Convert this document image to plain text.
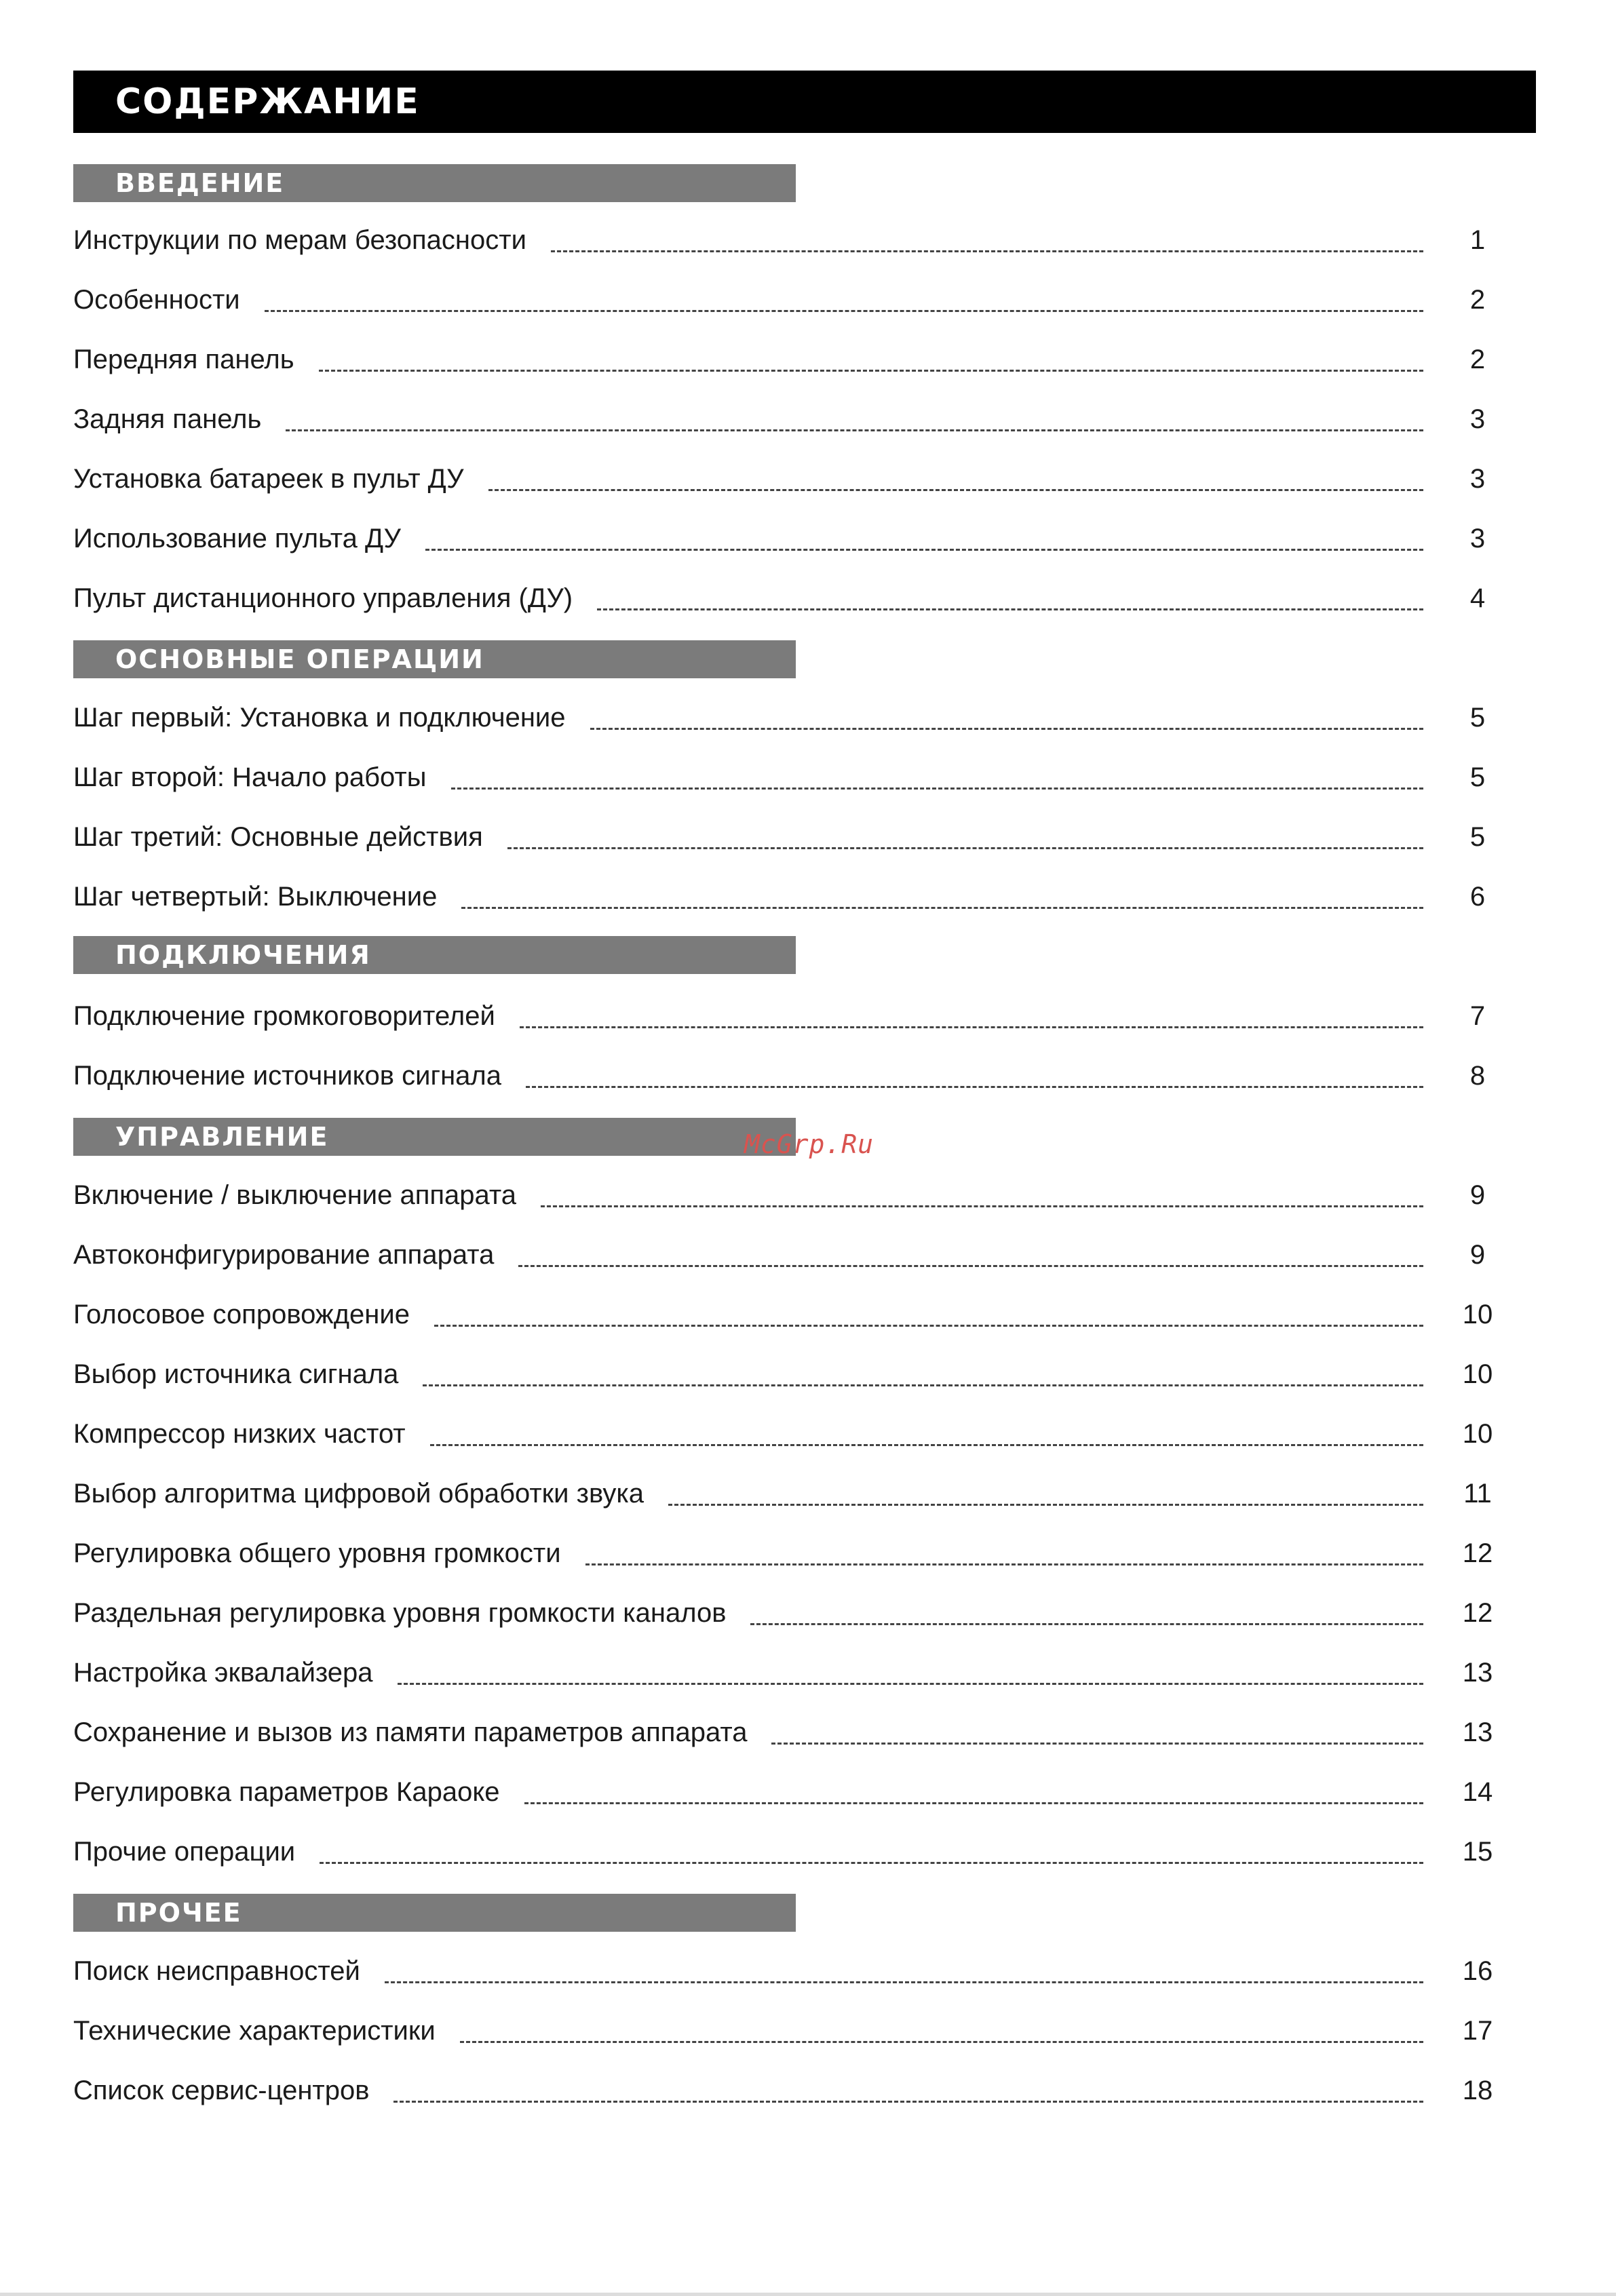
СОДЕРЖАНИЕ
ВВЕДЕНИЕ
Инструкции по мерам безопасности	1
Особенности	2
Передняя панель	2
Задняя панель	3
Установка батареек в пульт ДУ	3
Использование пульта ДУ	3
Пульт дистанционного управления (ДУ)	4
ОСНОВНЫЕ ОПЕРАЦИИ
Шаг первый: Установка и подключение	5
Шаг второй: Начало работы	5
Шаг третий: Основные действия	5
Шаг четвертый: Выключение	6
ПОДКЛЮЧЕНИЯ
Подключение громкоговорителей	7
Подключение источников сигнала	8
УПРАВЛЕНИЕ
Включение / выключение аппарата	9
Автоконфигурирование аппарата	9
Голосовое сопровождение	10
Выбор источника сигнала	10
Компрессор низких частот	10
Выбор алгоритма цифровой обработки звука	11
Регулировка общего уровня громкости	12
Раздельная регулировка уровня громкости каналов	12
Настройка эквалайзера	13
Сохранение и вызов из памяти параметров аппарата	13
Регулировка параметров Караоке	14
Прочие операции	15
ПРОЧЕЕ
Поиск неисправностей	16
Технические характеристики	17
Список сервис-центров	18
McGrp.Ru
